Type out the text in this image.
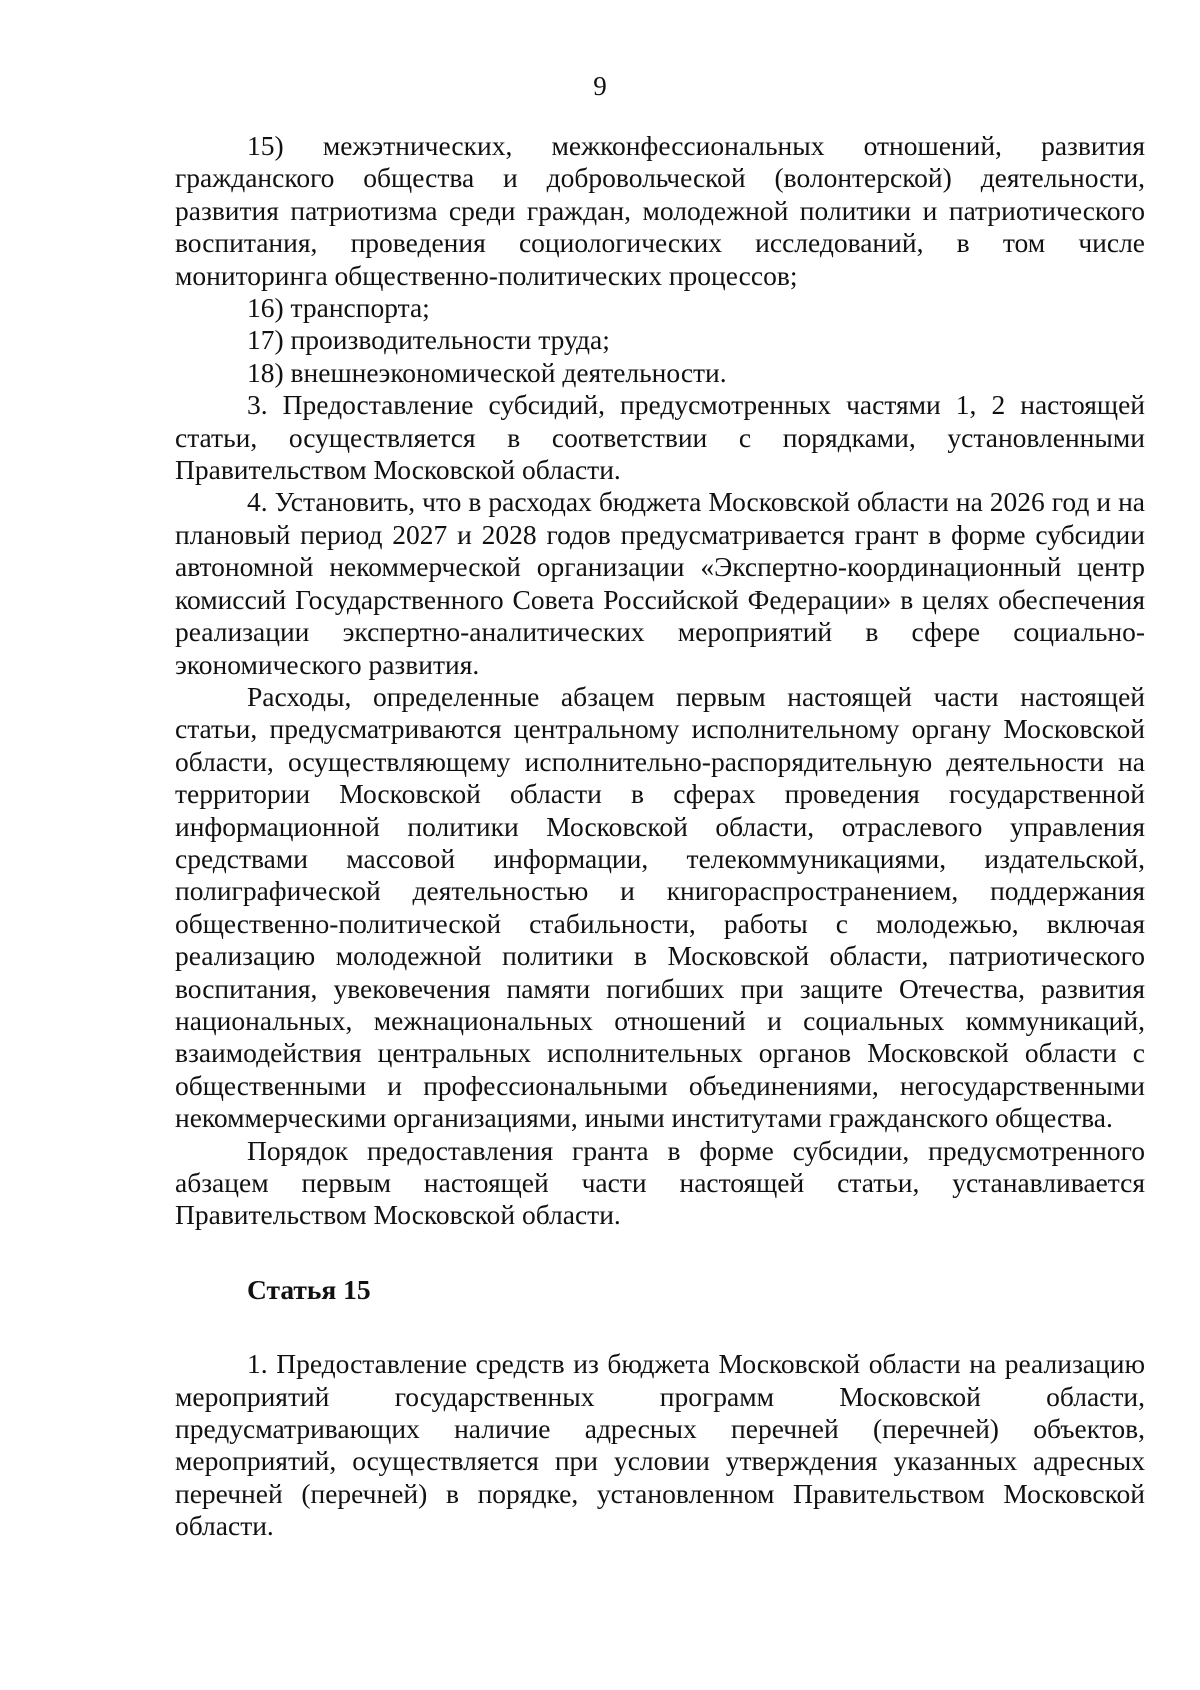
9

15) межэтнических, межконфессиональных отношений, развития гражданского общества и добровольческой (волонтерской) деятельности, развития патриотизма среди граждан, молодежной политики и патриотического воспитания, проведения социологических исследований, в том числе мониторинга общественно-политических процессов;

16) транспорта;

17) производительности труда;

18) внешнеэкономической деятельности.

3. Предоставление субсидий, предусмотренных частями 1, 2 настоящей статьи, осуществляется в соответствии с порядками, установленными Правительством Московской области.

4. Установить, что в расходах бюджета Московской области на 2026 год и на плановый период 2027 и 2028 годов предусматривается грант в форме субсидии автономной некоммерческой организации «Экспертно-координационный центр комиссий Государственного Совета Российской Федерации» в целях обеспечения реализации экспертно-аналитических мероприятий в сфере социально-экономического развития.

Расходы, определенные абзацем первым настоящей части настоящей статьи, предусматриваются центральному исполнительному органу Московской области, осуществляющему исполнительно-распорядительную деятельности на территории Московской области в сферах проведения государственной информационной политики Московской области, отраслевого управления средствами массовой информации, телекоммуникациями, издательской, полиграфической деятельностью и книгораспространением, поддержания общественно-политической стабильности, работы с молодежью, включая реализацию молодежной политики в Московской области, патриотического воспитания, увековечения памяти погибших при защите Отечества, развития национальных, межнациональных отношений и социальных коммуникаций, взаимодействия центральных исполнительных органов Московской области с общественными и профессиональными объединениями, негосударственными некоммерческими организациями, иными институтами гражданского общества.

Порядок предоставления гранта в форме субсидии, предусмотренного абзацем первым настоящей части настоящей статьи, устанавливается Правительством Московской области.

Статья 15

1. Предоставление средств из бюджета Московской области на реализацию мероприятий государственных программ Московской области, предусматривающих наличие адресных перечней (перечней) объектов, мероприятий, осуществляется при условии утверждения указанных адресных перечней (перечней) в порядке, установленном Правительством Московской области.
